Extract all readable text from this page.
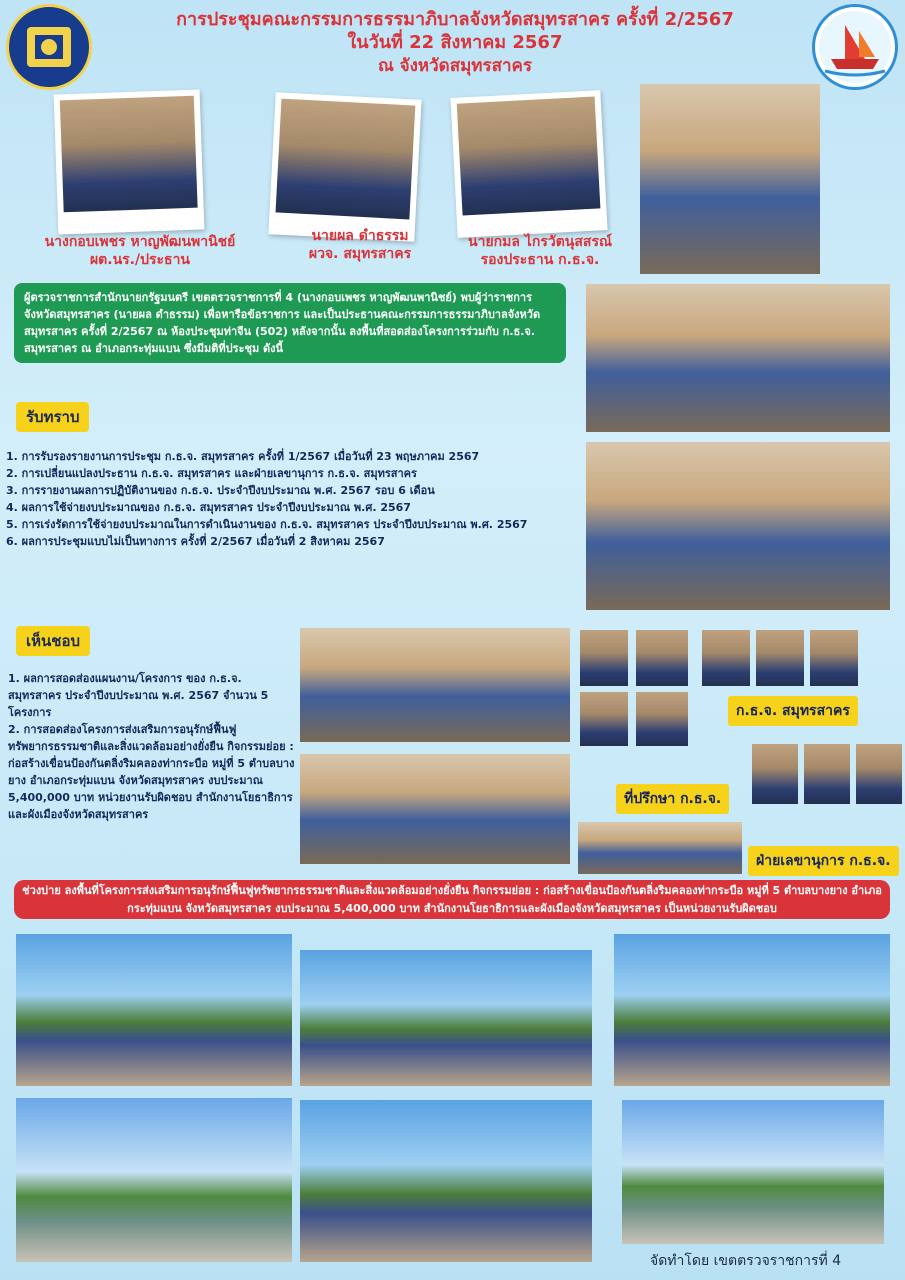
การประชุมคณะกรรมการธรรมาภิบาลจังหวัดสมุทรสาคร ครั้งที่ 2/2567
ในวันที่ 22 สิงหาคม 2567
ณ จังหวัดสมุทรสาคร
นางกอบเพชร หาญพัฒนพานิชย์
ผต.นร./ประธาน
นายผล ดำธรรม
ผวจ. สมุทรสาคร
นายกมล ไกรวัตนุสสรณ์
รองประธาน ก.ธ.จ.
ผู้ตรวจราชการสำนักนายกรัฐมนตรี เขตตรวจราชการที่ 4 (นางกอบเพชร หาญพัฒนพานิชย์) พบผู้ว่าราชการจังหวัดสมุทรสาคร (นายผล ดำธรรม) เพื่อหารือข้อราชการ และเป็นประธานคณะกรรมการธรรมาภิบาลจังหวัดสมุทรสาคร ครั้งที่ 2/2567 ณ ห้องประชุมท่าจีน (502) หลังจากนั้น ลงพื้นที่สอดส่องโครงการร่วมกับ ก.ธ.จ. สมุทรสาคร ณ อำเภอกระทุ่มแบน ซึ่งมีมติที่ประชุม ดังนี้
รับทราบ
1. การรับรองรายงานการประชุม ก.ธ.จ. สมุทรสาคร ครั้งที่ 1/2567 เมื่อวันที่ 23 พฤษภาคม 2567
2. การเปลี่ยนแปลงประธาน ก.ธ.จ. สมุทรสาคร และฝ่ายเลขานุการ ก.ธ.จ. สมุทรสาคร
3. การรายงานผลการปฏิบัติงานของ ก.ธ.จ. ประจำปีงบประมาณ พ.ศ. 2567 รอบ 6 เดือน
4. ผลการใช้จ่ายงบประมาณของ ก.ธ.จ. สมุทรสาคร ประจำปีงบประมาณ พ.ศ. 2567
5. การเร่งรัดการใช้จ่ายงบประมาณในการดำเนินงานของ ก.ธ.จ. สมุทรสาคร ประจำปีงบประมาณ พ.ศ. 2567
6. ผลการประชุมแบบไม่เป็นทางการ ครั้งที่ 2/2567 เมื่อวันที่ 2 สิงหาคม 2567
เห็นชอบ
1. ผลการสอดส่องแผนงาน/โครงการ ของ ก.ธ.จ. สมุทรสาคร ประจำปีงบประมาณ พ.ศ. 2567 จำนวน 5 โครงการ
2. การสอดส่องโครงการส่งเสริมการอนุรักษ์ฟื้นฟูทรัพยากรธรรมชาติและสิ่งแวดล้อมอย่างยั่งยืน กิจกรรมย่อย : ก่อสร้างเขื่อนป้องกันตลิ่งริมคลองท่ากระบือ หมู่ที่ 5 ตำบลบางยาง อำเภอกระทุ่มแบน จังหวัดสมุทรสาคร งบประมาณ 5,400,000 บาท หน่วยงานรับผิดชอบ สำนักงานโยธาธิการและผังเมืองจังหวัดสมุทรสาคร
ก.ธ.จ. สมุทรสาคร
ที่ปรึกษา ก.ธ.จ.
ฝ่ายเลขานุการ ก.ธ.จ.
ช่วงบ่าย ลงพื้นที่โครงการส่งเสริมการอนุรักษ์ฟื้นฟูทรัพยากรธรรมชาติและสิ่งแวดล้อมอย่างยั่งยืน กิจกรรมย่อย : ก่อสร้างเขื่อนป้องกันตลิ่งริมคลองท่ากระบือ หมู่ที่ 5 ตำบลบางยาง อำเภอกระทุ่มแบน จังหวัดสมุทรสาคร งบประมาณ 5,400,000 บาท สำนักงานโยธาธิการและผังเมืองจังหวัดสมุทรสาคร เป็นหน่วยงานรับผิดชอบ
จัดทำโดย เขตตรวจราชการที่ 4
